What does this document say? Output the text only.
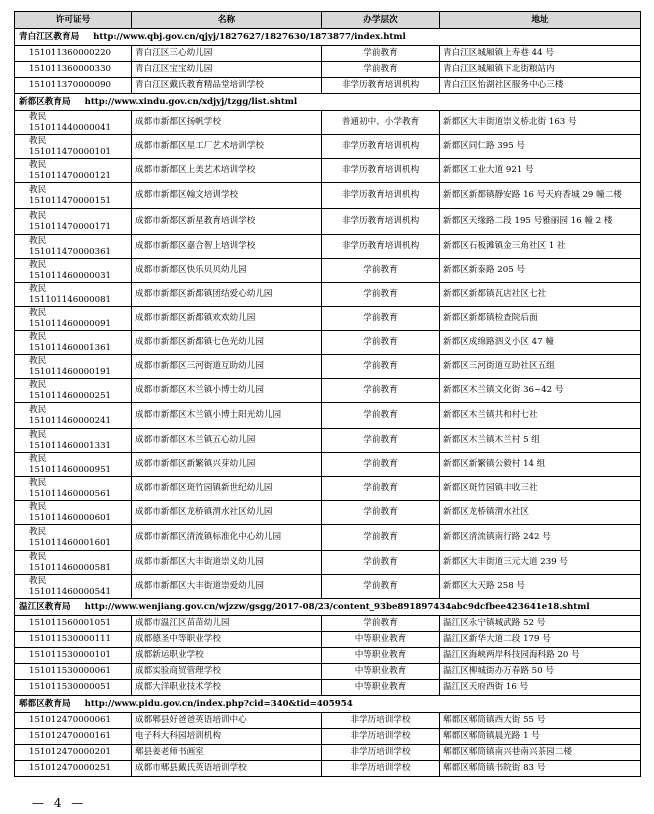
许可证号	名称	办学层次	地址
青白江区教育局 http://www.qbj.gov.cn/qjyj/1827627/1827630/1873877/index.html			
151011360000220	青白江区三心幼儿园	学前教育	青白江区城厢镇上寿巷 44 号
151011360000330	青白江区宝宝幼儿园	学前教育	青白江区城厢镇下北街粮站内
151011370000090	青白江区戴氏教育精品堂培训学校	非学历教育培训机构	青白江区怡湖社区服务中心三楼
新都区教育局 http://www.xindu.gov.cn/xdjyj/tzgg/list.shtml			
教民 151011440000041	成都市新都区扬帆学校	普通初中、小学教育	新都区大丰街道崇义桥北街 163 号
教民 151011470000101	成都市新都区星工厂艺术培训学校	非学历教育培训机构	新都区同仁路 395 号
教民 151011470000121	成都市新都区上美艺术培训学校	非学历教育培训机构	新都区工业大道 921 号
教民 151011470000151	成都市新都区翰文培训学校	非学历教育培训机构	新都区新都镇静安路 16 号天府香城 29 幢二楼
教民 151011470000171	成都市新都区新星教育培训学校	非学历教育培训机构	新都区天缘路二段 195 号雅丽园 16 幢 2 楼
教民 151011470000361	成都市新都区嘉合智上培训学校	非学历教育培训机构	新都区石板滩镇金三角社区 1 社
教民 151011460000031	成都市新都区快乐贝贝幼儿园	学前教育	新都区新泰路 205 号
教民 151101146000081	成都市新都区新都镇团结爱心幼儿园	学前教育	新都区新都镇瓦店社区七社
教民 151011460000091	成都市新都区新都镇欢欢幼儿园	学前教育	新都区新都镇检查院后面
教民 151011460001361	成都市新都区新都镇七色光幼儿园	学前教育	新都区成绵路泗义小区 47 幢
教民 151011460000191	成都市新都区三河街道互助幼儿园	学前教育	新都区三河街道互助社区五组
教民 151011460000251	成都市新都区木兰镇小博士幼儿园	学前教育	新都区木兰镇文化街 36~42 号
教民 151011460000241	成都市新都区木兰镇小博士阳光幼儿园	学前教育	新都区木兰镇共和村七社
教民 151011460001331	成都市新都区木兰镇五心幼儿园	学前教育	新都区木兰镇木兰村 5 组
教民 151011460000951	成都市新都区新繁镇兴芽幼儿园	学前教育	新都区新繁镇公毅村 14 组
教民 151011460000561	成都市新都区斑竹园镇新世纪幼儿园	学前教育	新都区斑竹园镇丰收三社
教民 151011460000601	成都市新都区龙桥镇渭水社区幼儿园	学前教育	新都区龙桥镇渭水社区
教民 151011460001601	成都市新都区清流镇标准化中心幼儿园	学前教育	新都区清流镇南行路 242 号
教民 151011460000581	成都市新都区大丰街道崇义幼儿园	学前教育	新都区大丰街道三元大道 239 号
教民 151011460000541	成都市新都区大丰街道崇爱幼儿园	学前教育	新都区大天路 258 号
温江区教育局 http://www.wenjiang.gov.cn/wjzzw/gsgg/2017-08/23/content_93be891897434abc9dcfbee423641e18.shtml			
151011560001051	成都市温江区苗苗幼儿园	学前教育	温江区永宁镇城武路 52 号
151011530000111	成都德圣中等职业学校	中等职业教育	温江区新华大道二段 179 号
151011530000101	成都新运职业学校	中等职业教育	温江区海峡两岸科技园海科路 20 号
151011530000061	成都实验商贸管理学校	中等职业教育	温江区柳城街办万春路 50 号
151011530000051	成都大洋职业技术学校	中等职业教育	温江区天府西街 16 号
郫都区教育局 http://www.pidu.gov.cn/index.php?cid=340&tid=405954			
151012470000061	成都郫县好爸爸英语培训中心	非学历培训学校	郫都区郫筒镇西大街 55 号
151012470000161	电子科大科园培训机构	非学历培训学校	郫都区郫筒镇晨光路 1 号
151012470000201	郫县姜老师书画室	非学历培训学校	郫都区郫筒镇南兴巷南兴茶园二楼
151012470000251	成都市郫县戴氏英语培训学校	非学历培训学校	郫都区郫筒镇书院街 83 号
— 4 —
